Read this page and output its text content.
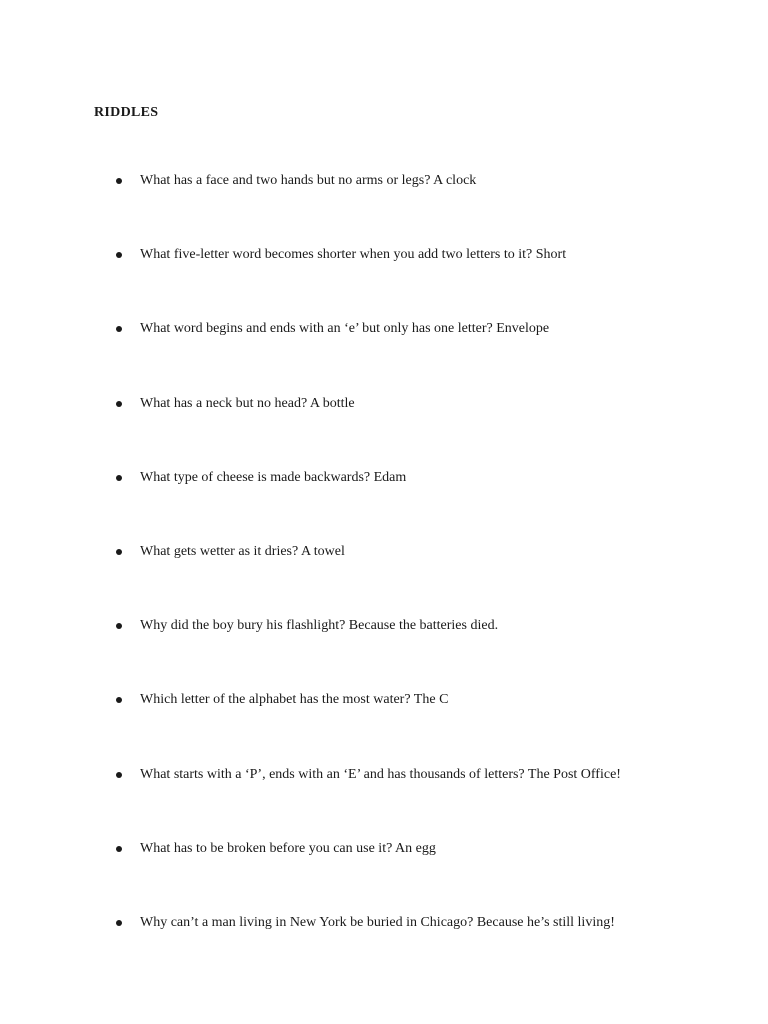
RIDDLES
What has a face and two hands but no arms or legs? A clock
What five-letter word becomes shorter when you add two letters to it? Short
What word begins and ends with an ‘e’ but only has one letter? Envelope
What has a neck but no head? A bottle
What type of cheese is made backwards? Edam
What gets wetter as it dries? A towel
Why did the boy bury his flashlight? Because the batteries died.
Which letter of the alphabet has the most water? The C
What starts with a ‘P’, ends with an ‘E’ and has thousands of letters? The Post Office!
What has to be broken before you can use it? An egg
Why can’t a man living in New York be buried in Chicago? Because he’s still living!
